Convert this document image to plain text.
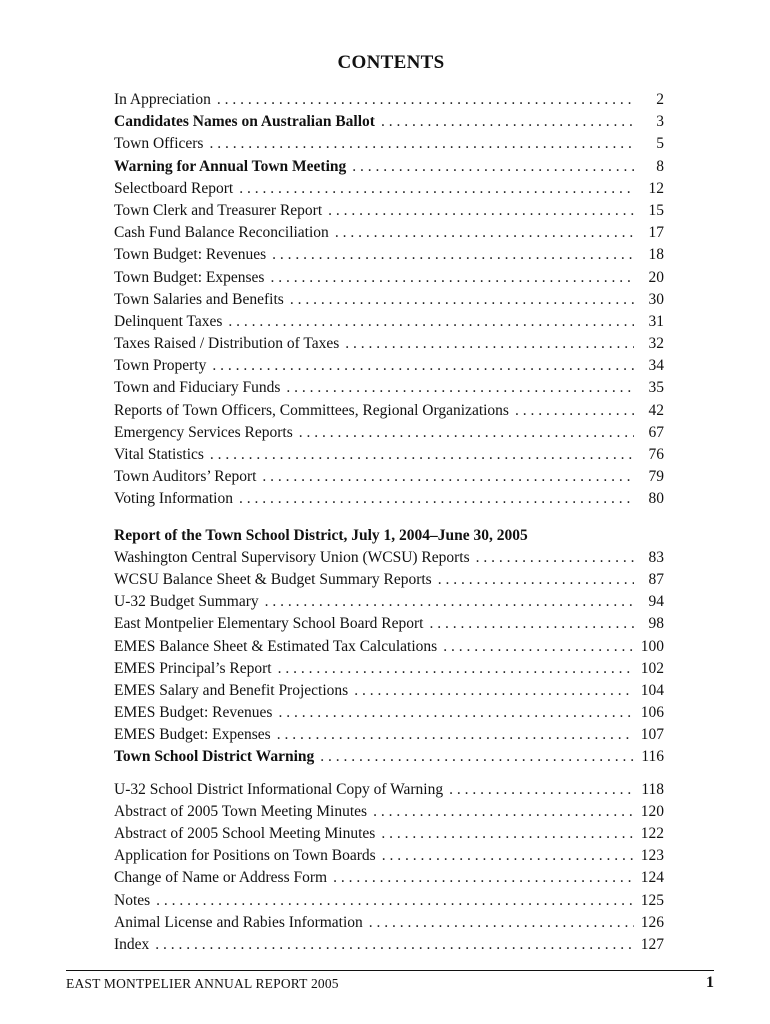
CONTENTS
In Appreciation . . .	2
Candidates Names on Australian Ballot . . .	3
Town Officers . . .	5
Warning for Annual Town Meeting . . .	8
Selectboard Report . . .	12
Town Clerk and Treasurer Report . . .	15
Cash Fund Balance Reconciliation . . .	17
Town Budget: Revenues . . .	18
Town Budget: Expenses . . .	20
Town Salaries and Benefits . . .	30
Delinquent Taxes . . .	31
Taxes Raised / Distribution of Taxes . . .	32
Town Property . . .	34
Town and Fiduciary Funds . . .	35
Reports of Town Officers, Committees, Regional Organizations . . .	42
Emergency Services Reports . . .	67
Vital Statistics . . .	76
Town Auditors’ Report . . .	79
Voting Information . . .	80
Report of the Town School District, July 1, 2004–June 30, 2005
Washington Central Supervisory Union (WCSU) Reports . . .	83
WCSU Balance Sheet & Budget Summary Reports . . .	87
U-32 Budget Summary . . .	94
East Montpelier Elementary School Board Report . . .	98
EMES Balance Sheet & Estimated Tax Calculations . . .	100
EMES Principal’s Report . . .	102
EMES Salary and Benefit Projections . . .	104
EMES Budget: Revenues . . .	106
EMES Budget: Expenses . . .	107
Town School District Warning . . .	116
U-32 School District Informational Copy of Warning . . .	118
Abstract of 2005 Town Meeting Minutes . . .	120
Abstract of 2005 School Meeting Minutes . . .	122
Application for Positions on Town Boards . . .	123
Change of Name or Address Form . . .	124
Notes . . .	125
Animal License and Rabies Information . . .	126
Index . . .	127
EAST MONTPELIER ANNUAL REPORT 2005	1
